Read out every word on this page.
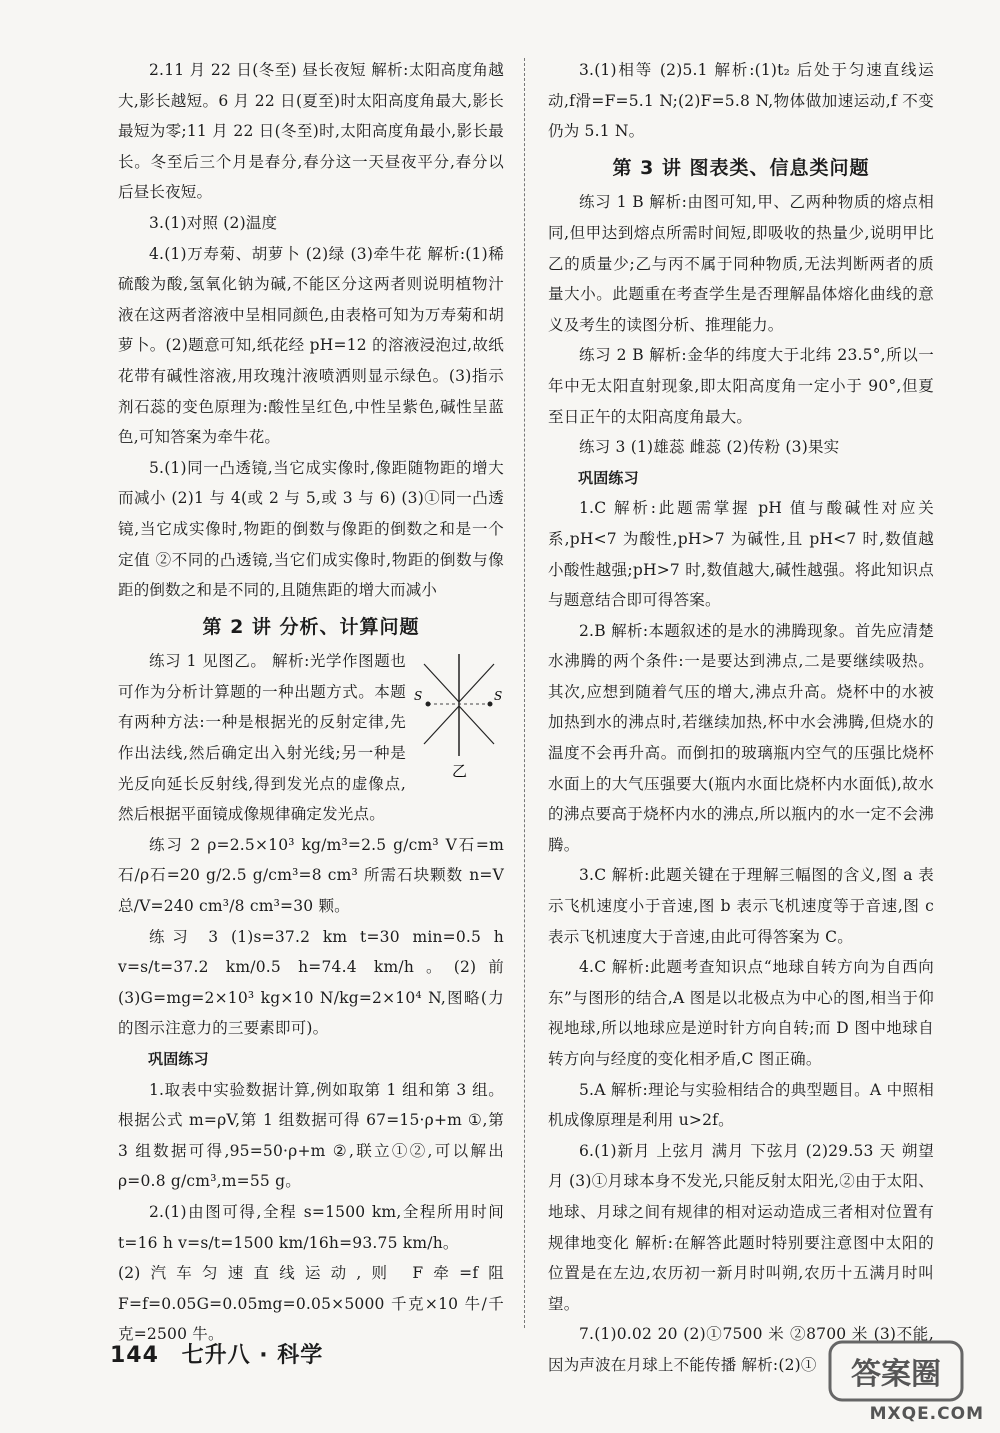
2.11 月 22 日(冬至) 昼长夜短 解析:太阳高度角越大,影长越短。6 月 22 日(夏至)时太阳高度角最大,影长最短为零;11 月 22 日(冬至)时,太阳高度角最小,影长最长。冬至后三个月是春分,春分这一天昼夜平分,春分以后昼长夜短。

3.(1)对照 (2)温度

4.(1)万寿菊、胡萝卜 (2)绿 (3)牵牛花 解析:(1)稀硫酸为酸,氢氧化钠为碱,不能区分这两者则说明植物汁液在这两者溶液中呈相同颜色,由表格可知为万寿菊和胡萝卜。(2)题意可知,纸花经 pH=12 的溶液浸泡过,故纸花带有碱性溶液,用玫瑰汁液喷洒则显示绿色。(3)指示剂石蕊的变色原理为:酸性呈红色,中性呈紫色,碱性呈蓝色,可知答案为牵牛花。

5.(1)同一凸透镜,当它成实像时,像距随物距的增大而减小 (2)1 与 4(或 2 与 5,或 3 与 6) (3)①同一凸透镜,当它成实像时,物距的倒数与像距的倒数之和是一个定值 ②不同的凸透镜,当它们成实像时,物距的倒数与像距的倒数之和是不同的,且随焦距的增大而减小

第 2 讲 分析、计算问题
S	S
乙

练习 1 见图乙。 解析:光学作图题也可作为分析计算题的一种出题方式。本题有两种方法:一种是根据光的反射定律,先作出法线,然后确定出入射光线;另一种是光反向延长反射线,得到发光点的虚像点,然后根据平面镜成像规律确定发光点。

练习 2 ρ=2.5×10³ kg/m³=2.5 g/cm³ V石=m石/ρ石=20 g/2.5 g/cm³=8 cm³ 所需石块颗数 n=V总/V=240 cm³/8 cm³=30 颗。

练习 3 (1)s=37.2 km t=30 min=0.5 h v=s/t=37.2 km/0.5 h=74.4 km/h。(2)前 (3)G=mg=2×10³ kg×10 N/kg=2×10⁴ N,图略(力的图示注意力的三要素即可)。

巩固练习

1.取表中实验数据计算,例如取第 1 组和第 3 组。根据公式 m=ρV,第 1 组数据可得 67=15·ρ+m ①,第 3 组数据可得,95=50·ρ+m ②,联立①②,可以解出 ρ=0.8 g/cm³,m=55 g。

2.(1)由图可得,全程 s=1500 km,全程所用时间 t=16 h v=s/t=1500 km/16h=93.75 km/h。

(2)汽车匀速直线运动,则 F牵=f阻 F=f=0.05G=0.05mg=0.05×5000 千克×10 牛/千克=2500 牛。

3.(1)相等 (2)5.1 解析:(1)t₂ 后处于匀速直线运动,f滑=F=5.1 N;(2)F=5.8 N,物体做加速运动,f 不变仍为 5.1 N。

第 3 讲 图表类、信息类问题

练习 1 B 解析:由图可知,甲、乙两种物质的熔点相同,但甲达到熔点所需时间短,即吸收的热量少,说明甲比乙的质量少;乙与丙不属于同种物质,无法判断两者的质量大小。此题重在考查学生是否理解晶体熔化曲线的意义及考生的读图分析、推理能力。

练习 2 B 解析:金华的纬度大于北纬 23.5°,所以一年中无太阳直射现象,即太阳高度角一定小于 90°,但夏至日正午的太阳高度角最大。

练习 3 (1)雄蕊 雌蕊 (2)传粉 (3)果实

巩固练习

1.C 解析:此题需掌握 pH 值与酸碱性对应关系,pH<7 为酸性,pH>7 为碱性,且 pH<7 时,数值越小酸性越强;pH>7 时,数值越大,碱性越强。将此知识点与题意结合即可得答案。

2.B 解析:本题叙述的是水的沸腾现象。首先应清楚水沸腾的两个条件:一是要达到沸点,二是要继续吸热。其次,应想到随着气压的增大,沸点升高。烧杯中的水被加热到水的沸点时,若继续加热,杯中水会沸腾,但烧水的温度不会再升高。而倒扣的玻璃瓶内空气的压强比烧杯水面上的大气压强要大(瓶内水面比烧杯内水面低),故水的沸点要高于烧杯内水的沸点,所以瓶内的水一定不会沸腾。

3.C 解析:此题关键在于理解三幅图的含义,图 a 表示飞机速度小于音速,图 b 表示飞机速度等于音速,图 c 表示飞机速度大于音速,由此可得答案为 C。

4.C 解析:此题考查知识点“地球自转方向为自西向东”与图形的结合,A 图是以北极点为中心的图,相当于仰视地球,所以地球应是逆时针方向自转;而 D 图中地球自转方向与经度的变化相矛盾,C 图正确。

5.A 解析:理论与实验相结合的典型题目。A 中照相机成像原理是利用 u>2f。

6.(1)新月 上弦月 满月 下弦月 (2)29.53 天 朔望月 (3)①月球本身不发光,只能反射太阳光,②由于太阳、地球、月球之间有规律的相对运动造成三者相对位置有规律地变化 解析:在解答此题时特别要注意图中太阳的位置是在左边,农历初一新月时叫朔,农历十五满月时叫望。

7.(1)0.02 20 (2)①7500 米 ②8700 米 (3)不能,因为声波在月球上不能传播 解析:(2)①

144 七升八 · 科学
答案圈
MXQE.COM
